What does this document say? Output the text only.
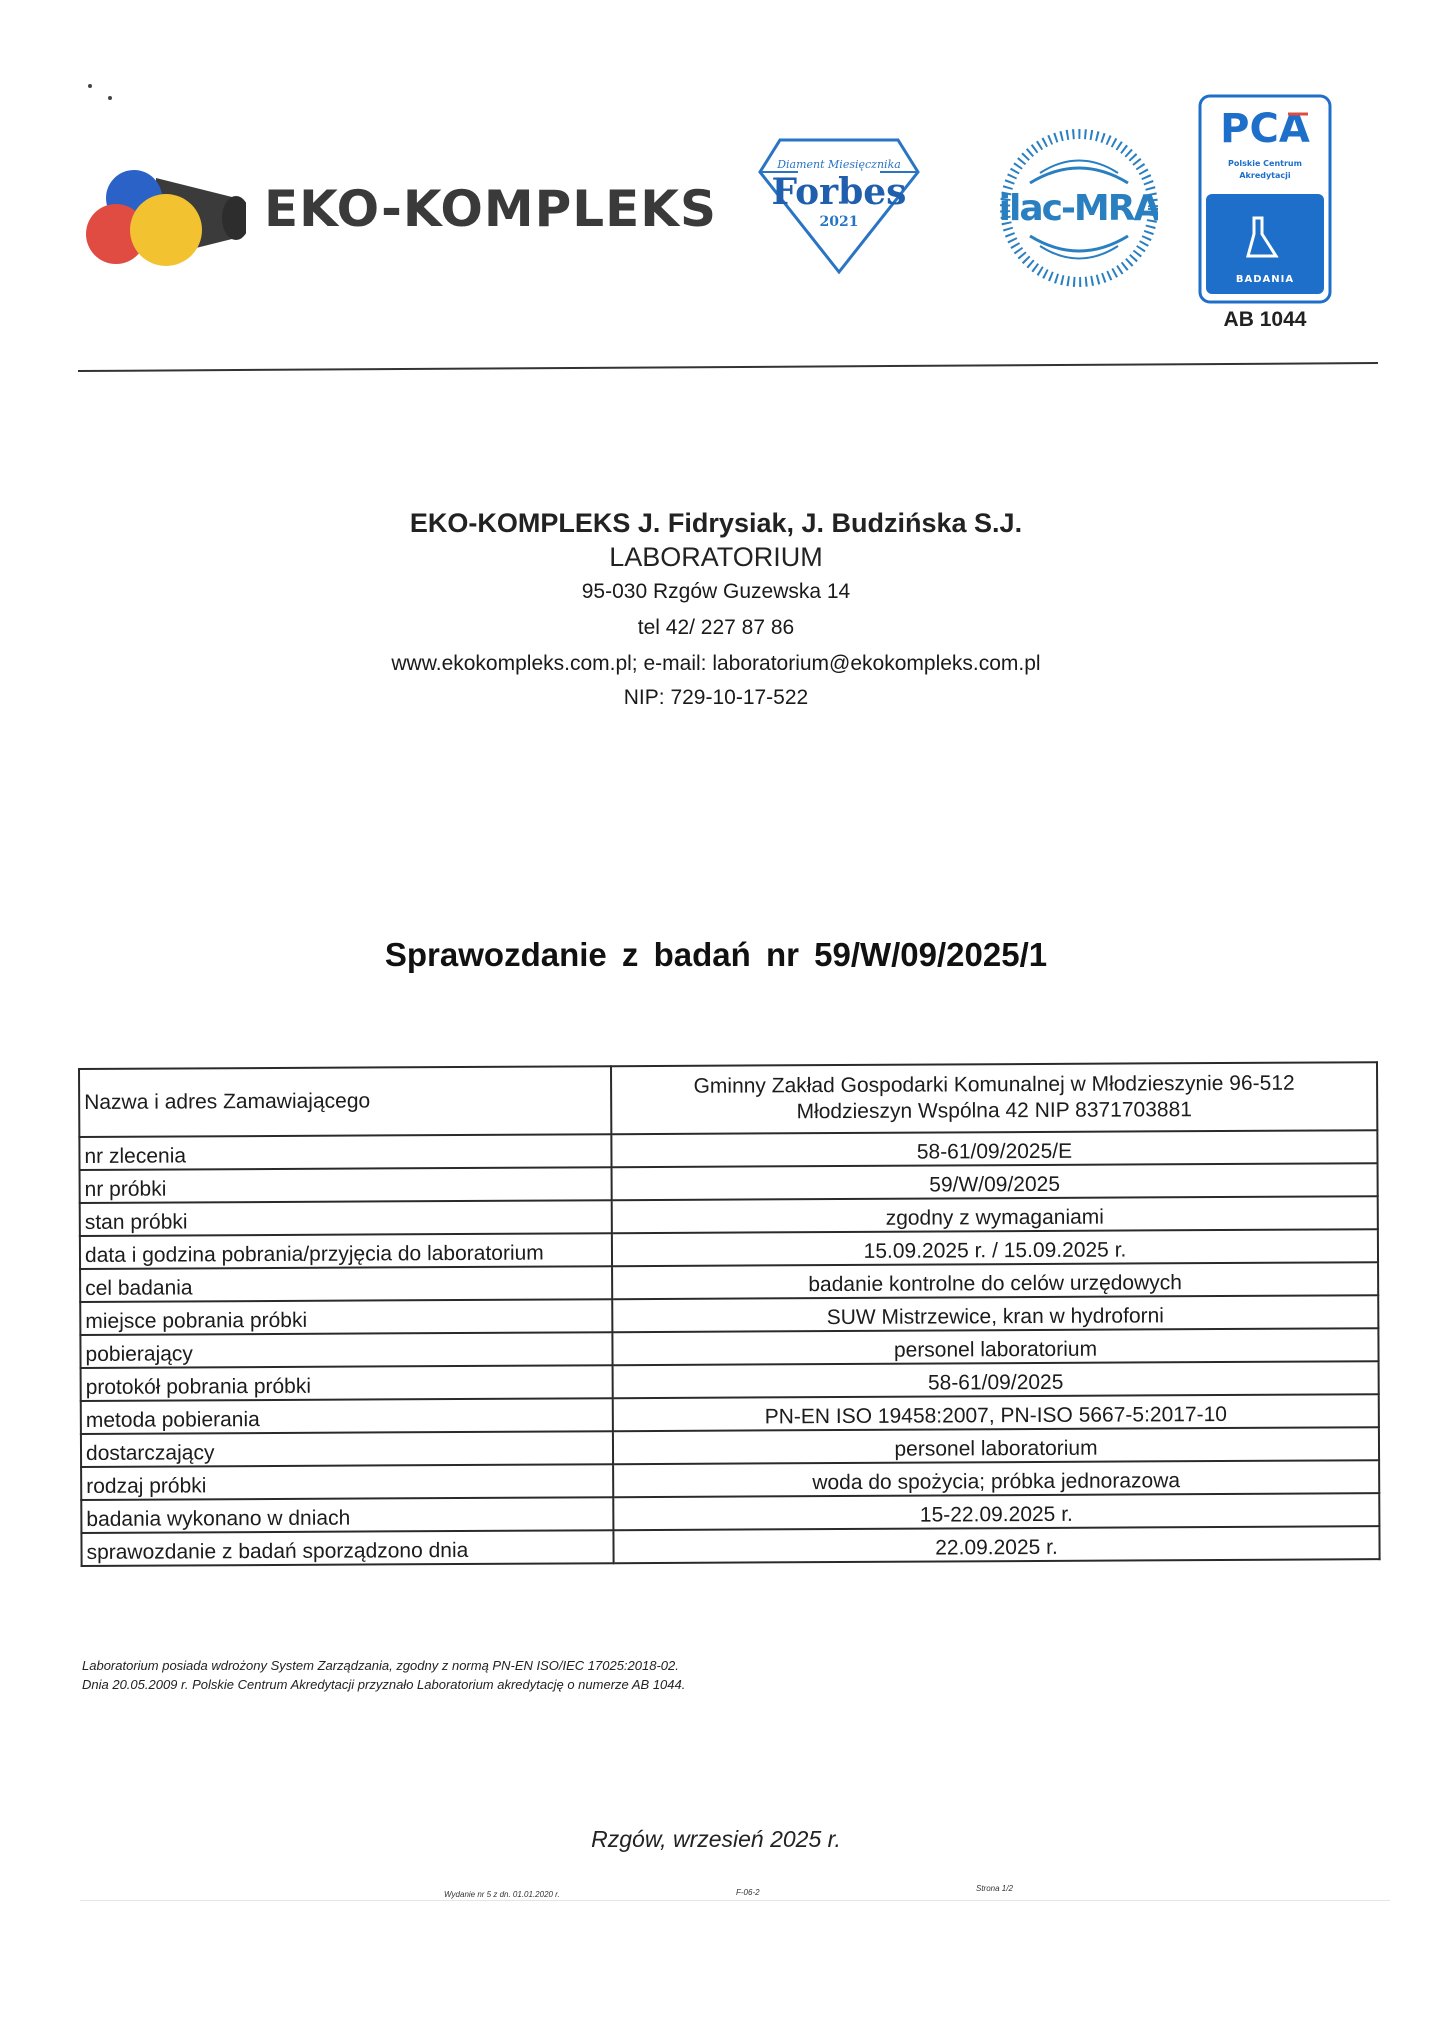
EKO-KOMPLEKS
Diament Miesięcznika
Forbes
2021	ilac-MRA
PCA
Polskie Centrum
Akredytacji
BADANIA
AB 1044
EKO-KOMPLEKS J. Fidrysiak, J. Budzińska S.J.
LABORATORIUM
95-030 Rzgów Guzewska 14
tel 42/ 227 87 86
www.ekokompleks.com.pl; e-mail: laboratorium@ekokompleks.com.pl
NIP: 729-10-17-522
Sprawozdanie z badań nr 59/W/09/2025/1
Nazwa i adres Zamawiającego	Gminny Zakład Gospodarki Komunalnej w Młodzieszynie 96-512
Młodzieszyn Wspólna 42 NIP 8371703881

nr zlecenia	58-61/09/2025/E
nr próbki	59/W/09/2025
stan próbki	zgodny z wymaganiami
data i godzina pobrania/przyjęcia do laboratorium	15.09.2025 r. / 15.09.2025 r.
cel badania	badanie kontrolne do celów urzędowych
miejsce pobrania próbki	SUW Mistrzewice, kran w hydroforni
pobierający	personel laboratorium
protokół pobrania próbki	58-61/09/2025
metoda pobierania	PN-EN ISO 19458:2007, PN-ISO 5667-5:2017-10
dostarczający	personel laboratorium
rodzaj próbki	woda do spożycia; próbka jednorazowa
badania wykonano w dniach	15-22.09.2025 r.
sprawozdanie z badań sporządzono dnia	22.09.2025 r.
Laboratorium posiada wdrożony System Zarządzania, zgodny z normą PN-EN ISO/IEC 17025:2018-02.
Dnia 20.05.2009 r. Polskie Centrum Akredytacji przyznało Laboratorium akredytację o numerze AB 1044.
Rzgów, wrzesień 2025 r.
Wydanie nr 5 z dn. 01.01.2020 r.	F-06-2	Strona 1/2
